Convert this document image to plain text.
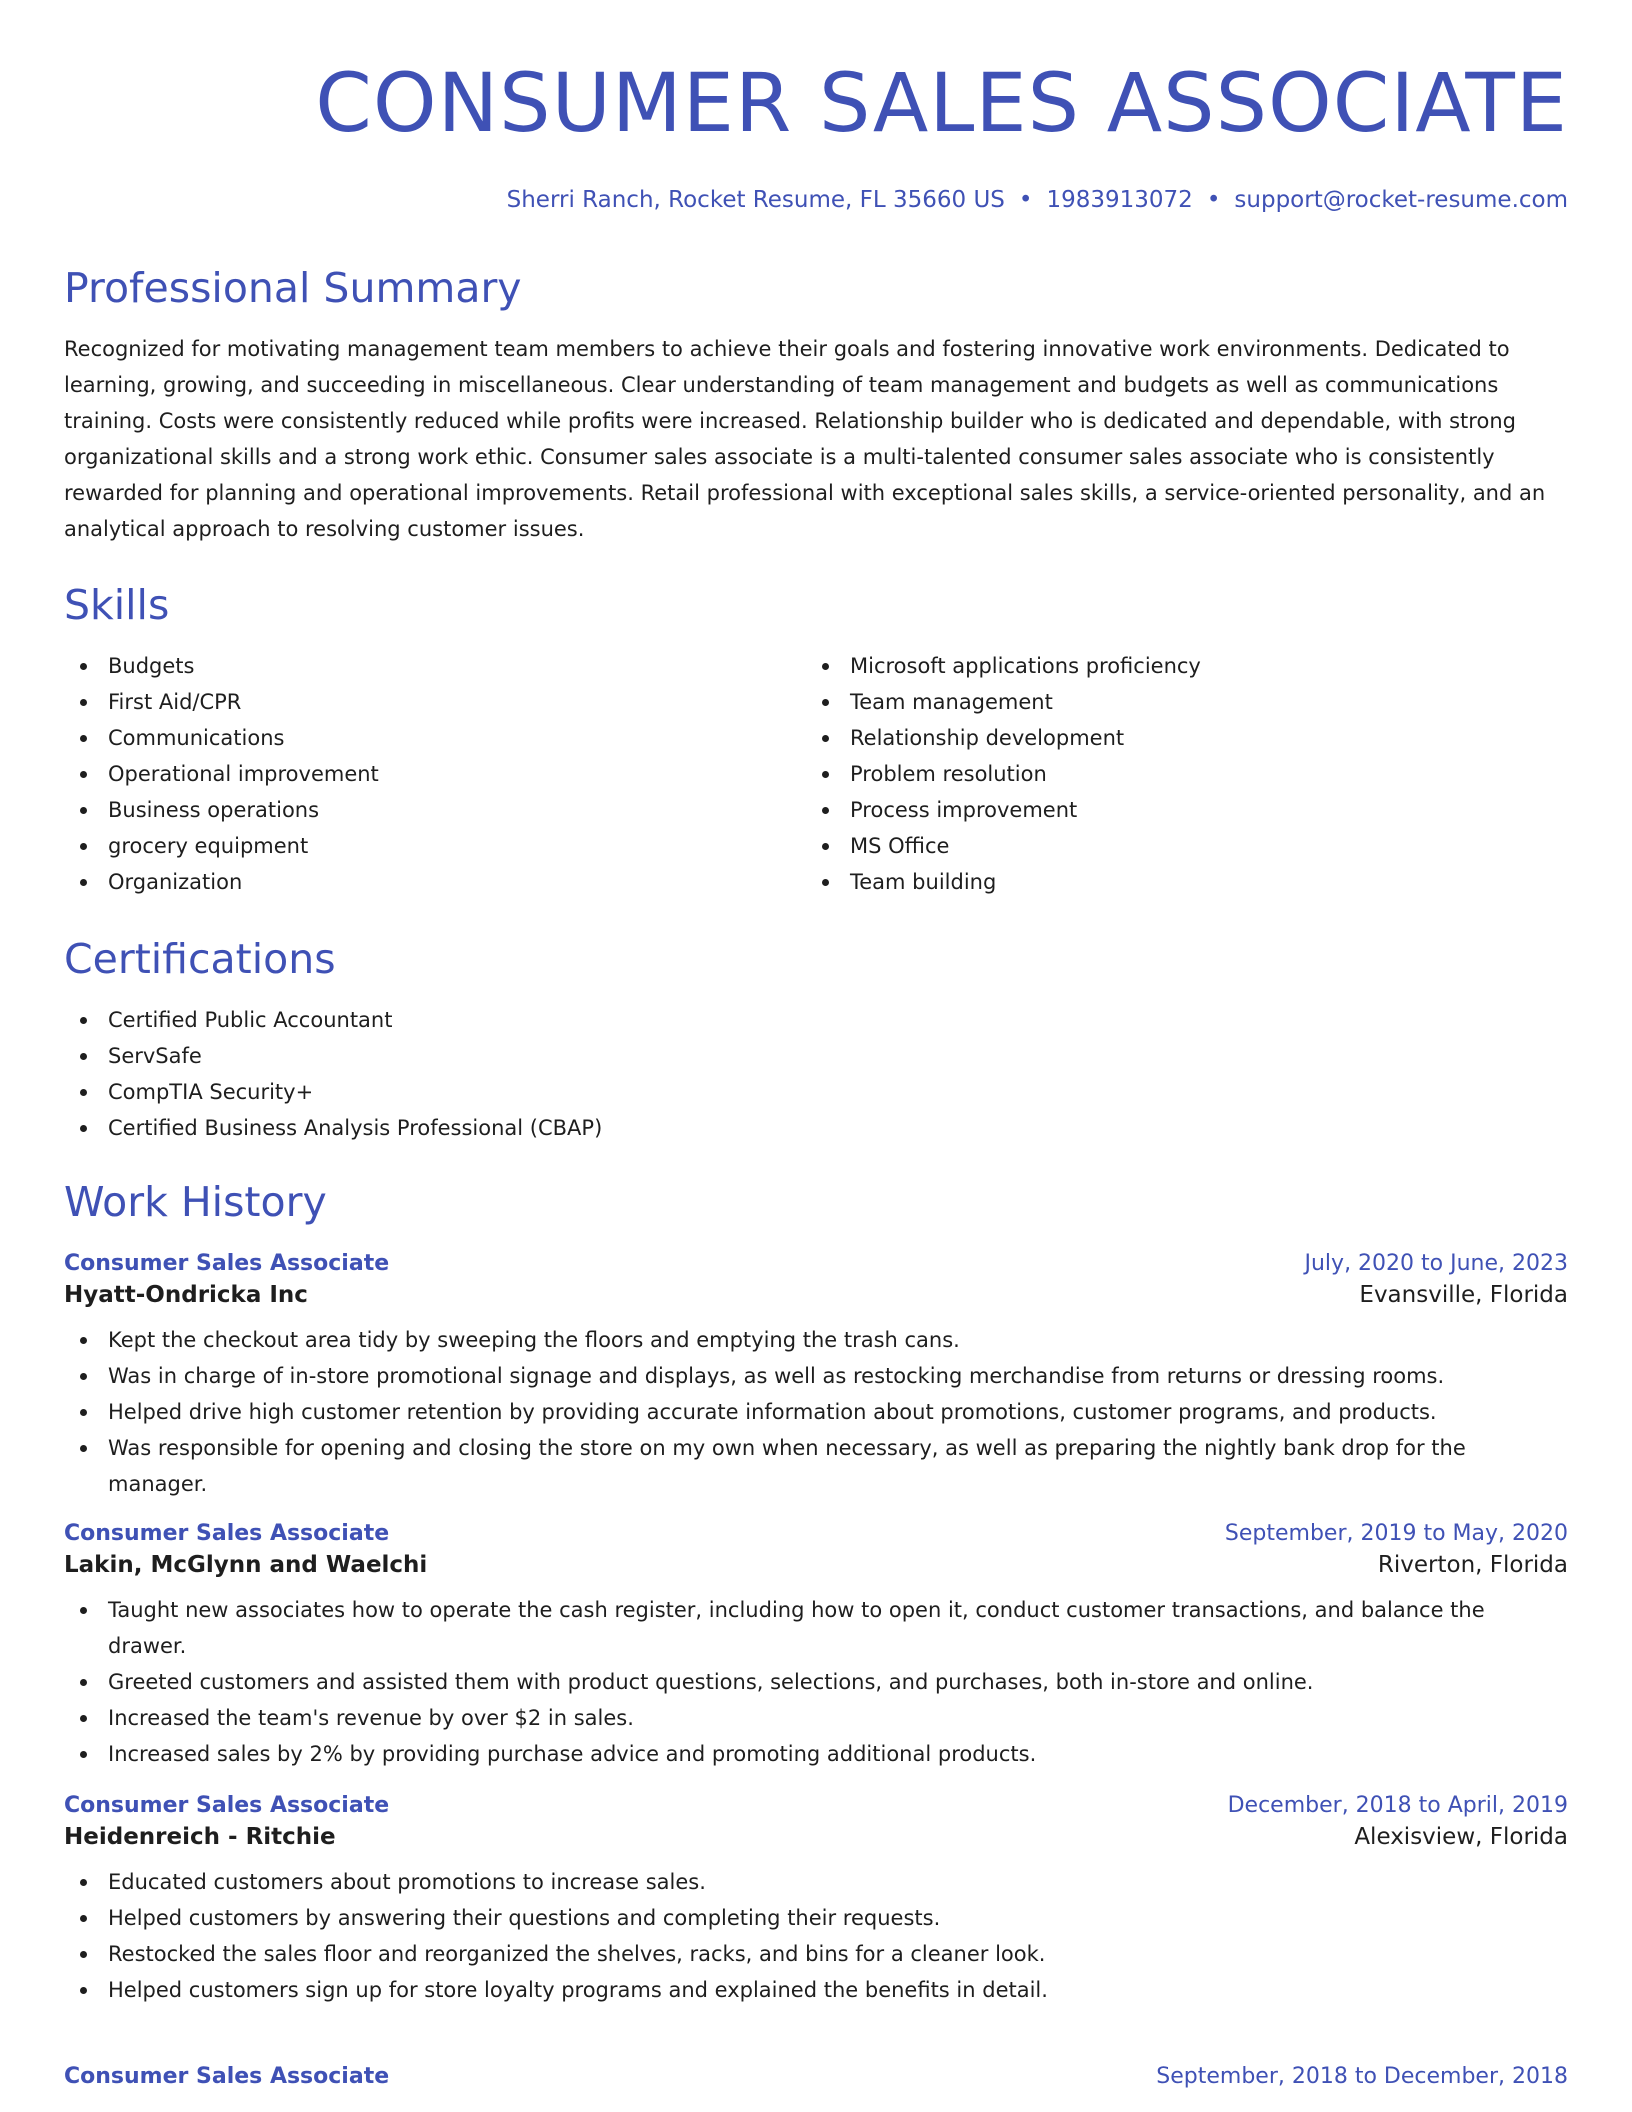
CONSUMER SALES ASSOCIATE
Sherri Ranch, Rocket Resume, FL 35660 US • 1983913072 • support@rocket-resume.com
Professional Summary

Recognized for motivating management team members to achieve their goals and fostering innovative work environments. Dedicated to learning, growing, and succeeding in miscellaneous. Clear understanding of team management and budgets as well as communications training. Costs were consistently reduced while profits were increased. Relationship builder who is dedicated and dependable, with strong organizational skills and a strong work ethic. Consumer sales associate is a multi-talented consumer sales associate who is consistently rewarded for planning and operational improvements. Retail professional with exceptional sales skills, a service-oriented personality, and an analytical approach to resolving customer issues.

Skills
Budgets
First Aid/CPR
Communications
Operational improvement
Business operations
grocery equipment
Organization
Microsoft applications proficiency
Team management
Relationship development
Problem resolution
Process improvement
MS Office
Team building
Certifications
Certified Public Accountant
ServSafe
CompTIA Security+
Certified Business Analysis Professional (CBAP)
Work History
Consumer Sales Associate	July, 2020 to June, 2023
Hyatt-Ondricka Inc	Evansville, Florida
Kept the checkout area tidy by sweeping the floors and emptying the trash cans.
Was in charge of in-store promotional signage and displays, as well as restocking merchandise from returns or dressing rooms.
Helped drive high customer retention by providing accurate information about promotions, customer programs, and products.
Was responsible for opening and closing the store on my own when necessary, as well as preparing the nightly bank drop for the manager.
Consumer Sales Associate	September, 2019 to May, 2020
Lakin, McGlynn and Waelchi	Riverton, Florida
Taught new associates how to operate the cash register, including how to open it, conduct customer transactions, and balance the drawer.
Greeted customers and assisted them with product questions, selections, and purchases, both in-store and online.
Increased the team's revenue by over $2 in sales.
Increased sales by 2% by providing purchase advice and promoting additional products.
Consumer Sales Associate	December, 2018 to April, 2019
Heidenreich - Ritchie	Alexisview, Florida
Educated customers about promotions to increase sales.
Helped customers by answering their questions and completing their requests.
Restocked the sales floor and reorganized the shelves, racks, and bins for a cleaner look.
Helped customers sign up for store loyalty programs and explained the benefits in detail.
Consumer Sales Associate	September, 2018 to December, 2018
